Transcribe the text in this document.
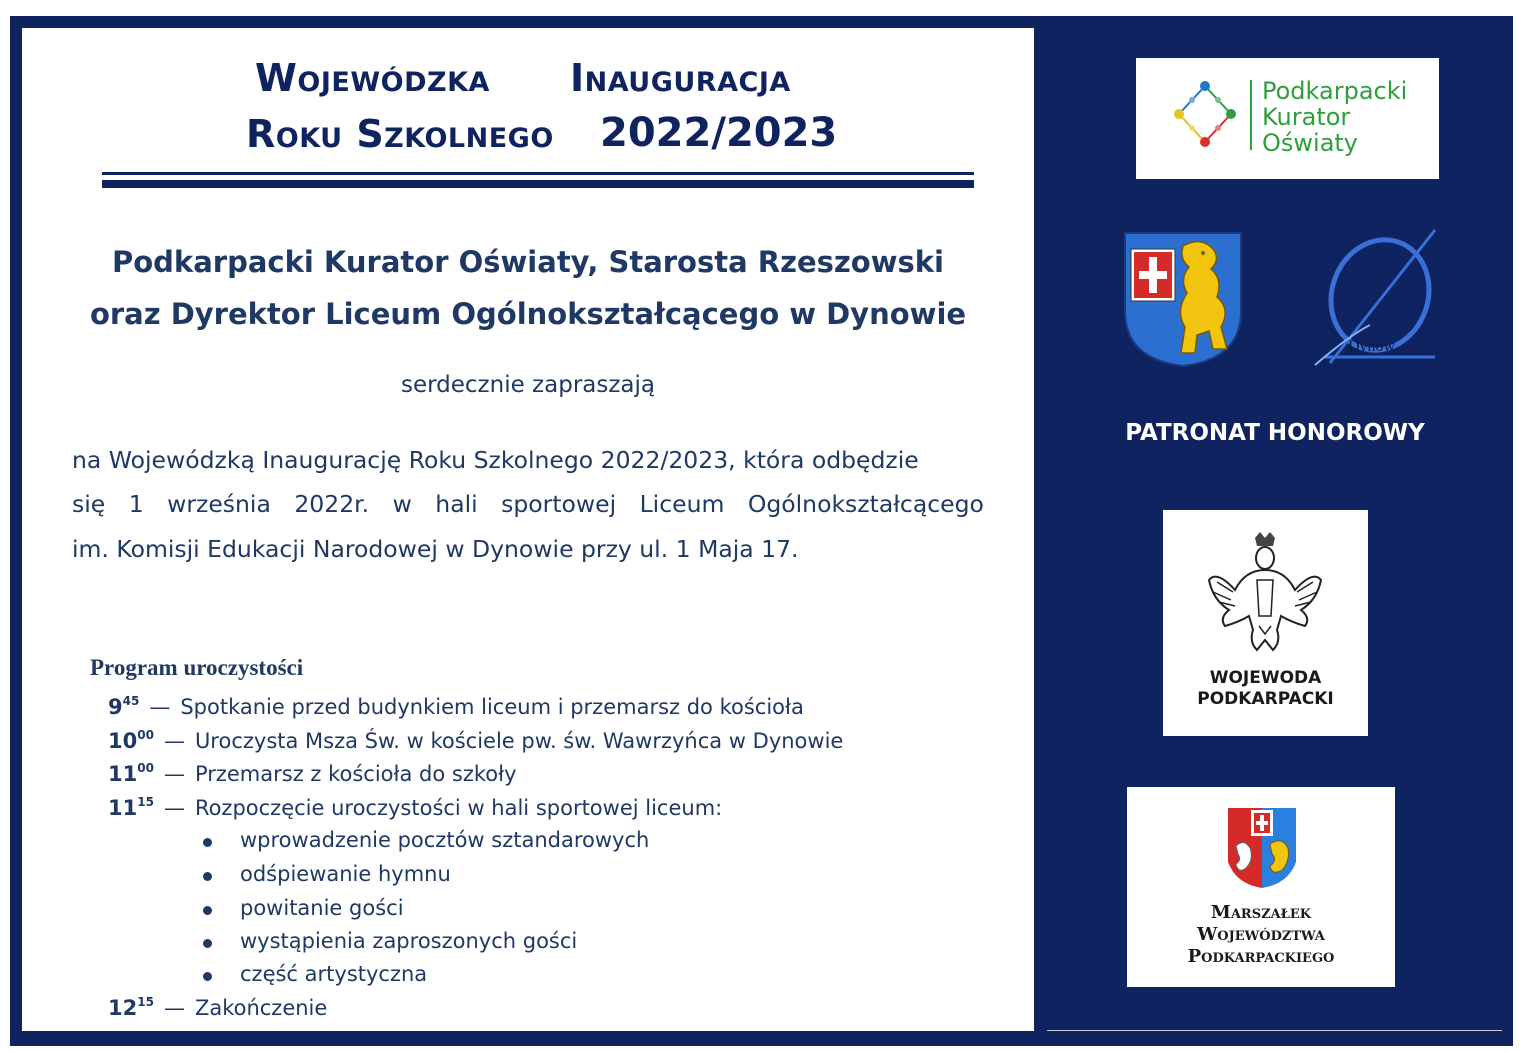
Wojewódzka Inauguracja
Roku Szkolnego 2022/2023
Podkarpacki Kurator Oświaty, Starosta Rzeszowski
oraz Dyrektor Liceum Ogólnokształcącego w Dynowie
serdecznie zapraszają
na Wojewódzką Inaugurację Roku Szkolnego 2022/2023, która odbędzie
się 1 września 2022r. w hali sportowej Liceum Ogólnokształcącego
im. Komisji Edukacji Narodowej w Dynowie przy ul. 1 Maja 17.
Program uroczystości
$9^{45}$ — Spotkanie przed budynkiem liceum i przemarsz do kościoła
$10^{00}$ — Uroczysta Msza Św. w kościele pw. św. Wawrzyńca w Dynowie
$11^{00}$ — Przemarsz z kościoła do szkoły
$11^{15}$ — Rozpoczęcie uroczystości w hali sportowej liceum:
wprowadzenie pocztów sztandarowych
odśpiewanie hymnu
powitanie gości
wystąpienia zaproszonych gości
część artystyczna
$12^{15}$ — Zakończenie
Podkarpacki
Kurator
Oświaty
Dynow
PATRONAT HONOROWY
WOJEWODA
PODKARPACKI
Marszałek
Województwa
Podkarpackiego
